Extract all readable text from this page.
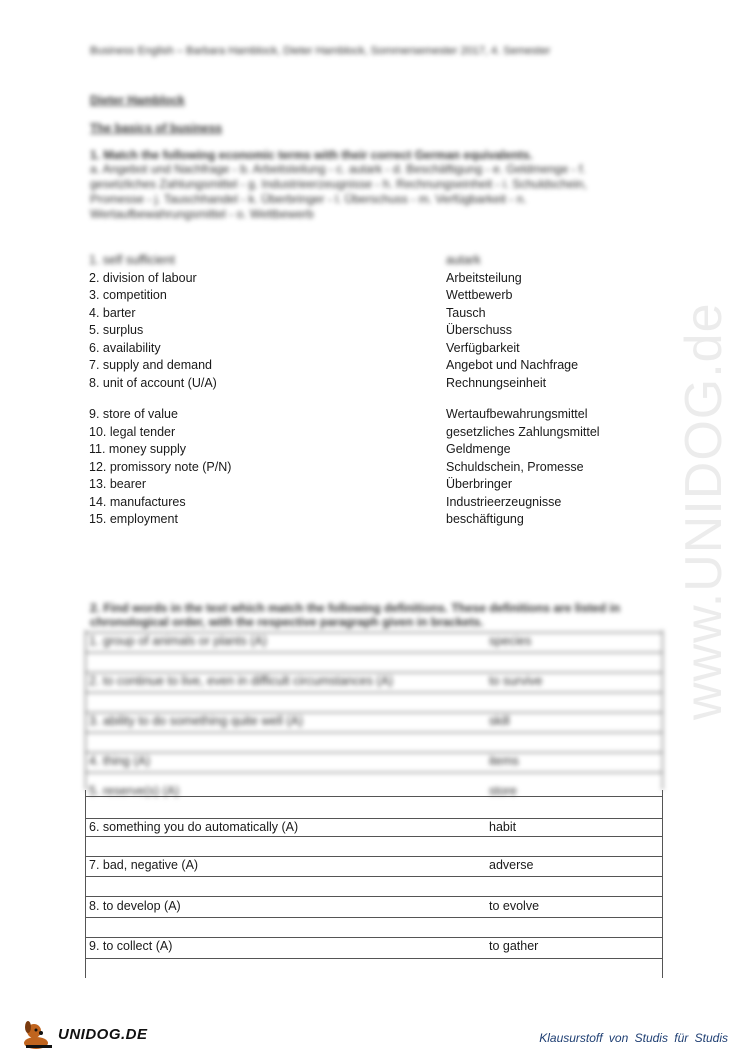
Business English – Barbara Hamblock, Dieter Hamblock, Sommersemester 2017, 4. Semester
Dieter Hamblock
The basics of business
1. Match the following economic terms with their correct German equivalents.
a. Angebot und Nachfrage - b. Arbeitsteilung - c. autark - d. Beschäftigung - e. Geldmenge - f. gesetzliches Zahlungsmittel - g. Industrieerzeugnisse - h. Rechnungseinheit - i. Schuldschein, Promesse - j. Tauschhandel - k. Überbringer - l. Überschuss - m. Verfügbarkeit - n. Wertaufbewahrungsmittel - o. Wettbewerb
1. self sufficient	autark
2. division of labour	Arbeitsteilung
3. competition	Wettbewerb
4. barter	Tausch
5. surplus	Überschuss
6. availability	Verfügbarkeit
7. supply and demand	Angebot und Nachfrage
8. unit of account (U/A)	Rechnungseinheit
9. store of value	Wertaufbewahrungsmittel
10. legal tender	gesetzliches Zahlungsmittel
11. money supply	Geldmenge
12. promissory note (P/N)	Schuldschein, Promesse
13. bearer	Überbringer
14. manufactures	Industrieerzeugnisse
15. employment	beschäftigung	www.UNIDOG.de
2. Find words in the text which match the following definitions. These definitions are listed in chronological order, with the respective paragraph given in brackets.
1. group of animals or plants (A)	species
2. to continue to live, even in difficult circumstances (A)	to survive
3. ability to do something quite well (A)	skill
4. thing (A)	items
5. reserve(s) (A)	store
6. something you do automatically (A)	habit
7. bad, negative (A)	adverse
8. to develop (A)	to evolve
9. to collect (A)	to gather
UNIDOG.DE	Klausurstoff von Studis für Studis
